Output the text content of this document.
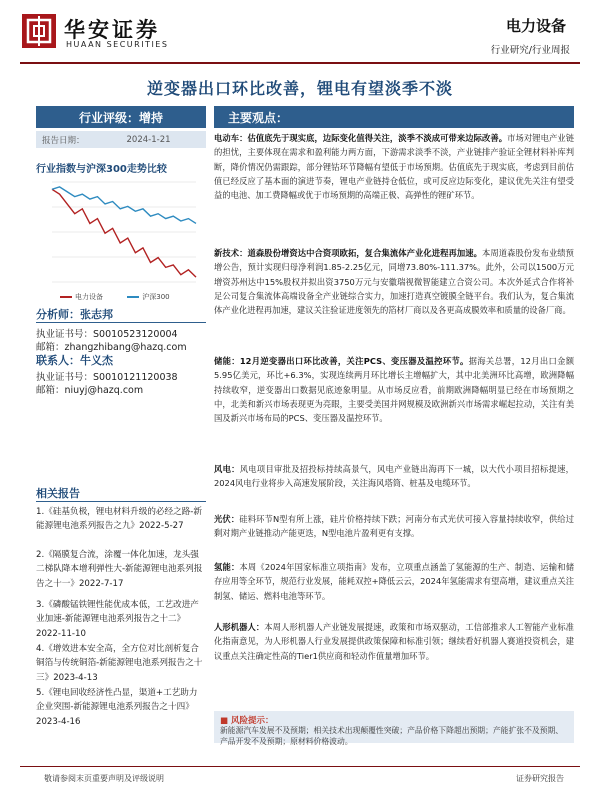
华安证券
HUAAN SECURITIES
电力设备
行业研究/行业周报
逆变器出口环比改善，锂电有望淡季不淡
行业评级：增持
报告日期：	2024-1-21
行业指数与沪深300走势比较
电力设备	沪深300
分析师：张志邦
执业证书号：S0010523120004
邮箱：zhangzhibang@hazq.com
联系人：牛义杰
执业证书号：S0010121120038
邮箱：niuyj@hazq.com
相关报告
1.《硅基负极，锂电材料升级的必经之路-新能源锂电池系列报告之九》2022-5-27
2.《隔膜复合流，涂覆一体化加速，龙头强二梯队降本增利弹性大-新能源锂电池系列报告之十一》2022-7-17
3.《磷酸锰铁锂性能优成本低，工艺改进产业加速-新能源锂电池系列报告之十二》2022-11-10
4.《增效进本安全高，全方位对比剖析复合铜箔与传统铜箔-新能源锂电池系列报告之十三》2023-4-13
5.《锂电回收经济性凸显，渠道+工艺助力企业突围-新能源锂电池系列报告之十四》2023-4-16
主要观点：
电动车：估值底先于现实底，边际变化值得关注，淡季不淡成可带来边际改善。市场对锂电产业链的担忧，主要体现在需求和盈利能力两方面，下游需求淡季不淡，产业链排产验证全锂材料补库判断，降价情况仍需跟踪，部分锂钴环节降幅有望低于市场预期。估值底先于现实底，考虑到目前估值已经反应了基本面的演进节奏，锂电产业链持仓低位，或可反应边际变化，建议优先关注有望受益的电池、加工费降幅或优于市场预期的高端正极、高弹性的锂矿环节。
新技术：道森股份增资达中合资项欧拓，复合集流体产业化进程再加速。本周道森股份发布业绩预增公告，预计实现归母净利润1.85-2.25亿元，同增73.80%-111.37%。此外，公司以1500万元增资苏州达中15%股权并拟出资3750万元与安徽瑞视微智能建立合资公司。本次外延式合作将补足公司复合集流体高端设备全产业链综合实力，加速打造真空镀膜全链平台。我们认为，复合集流体产业化进程再加速，建议关注验证进度领先的箔材厂商以及各更高成膜效率和质量的设备厂商。
储能：12月逆变器出口环比改善，关注PCS、变压器及温控环节。据海关总署，12月出口金额5.95亿美元，环比+6.3%，实现连续两月环比增长主增幅扩大，其中北美洲环比高增，欧洲降幅持续收窄，逆变器出口数据见底迹象明显。从市场反应看，前期欧洲降幅明显已经在市场预期之中，北美和新兴市场表现更为亮眼，主要受美国并网规模及欧洲新兴市场需求崛起拉动，关注有美国及新兴市场布局的PCS、变压器及温控环节。
风电：风电项目审批及招投标持续高景气，风电产业链出海再下一城，以大代小项目招标提速，2024风电行业将步入高速发展阶段，关注海风塔筒、桩基及电缆环节。
光伏：硅料环节N型有所上涨，硅片价格持续下跌；河南分布式光伏可接入容量持续收窄，供给过剩对期产业链推动产能更迭，N型电池片盈利更有支撑。
氢能：本周《2024年国家标准立项指南》发布，立项重点涵盖了氢能源的生产、制造、运输和储存应用等全环节，规范行业发展，能耗双控+降低云云，2024年氢能需求有望高增，建议重点关注制氢、储运、燃料电池等环节。
人形机器人：本周人形机器人产业链发展提速，政策和市场双驱动，工信部推求人工智能产业标准化指南意见，为人形机器人行业发展提供政策保障和标准引领；继续看好机器人赛道投资机会，建议重点关注确定性高的Tier1供应商和轻动作值量增加环节。
■ 风险提示：
新能源汽车发展不及预期；相关技术出现颠覆性突破；产品价格下降超出预期；产能扩张不及预期、产品开发不及预期；原材料价格波动。
敬请参阅末页重要声明及评级说明	证券研究报告
